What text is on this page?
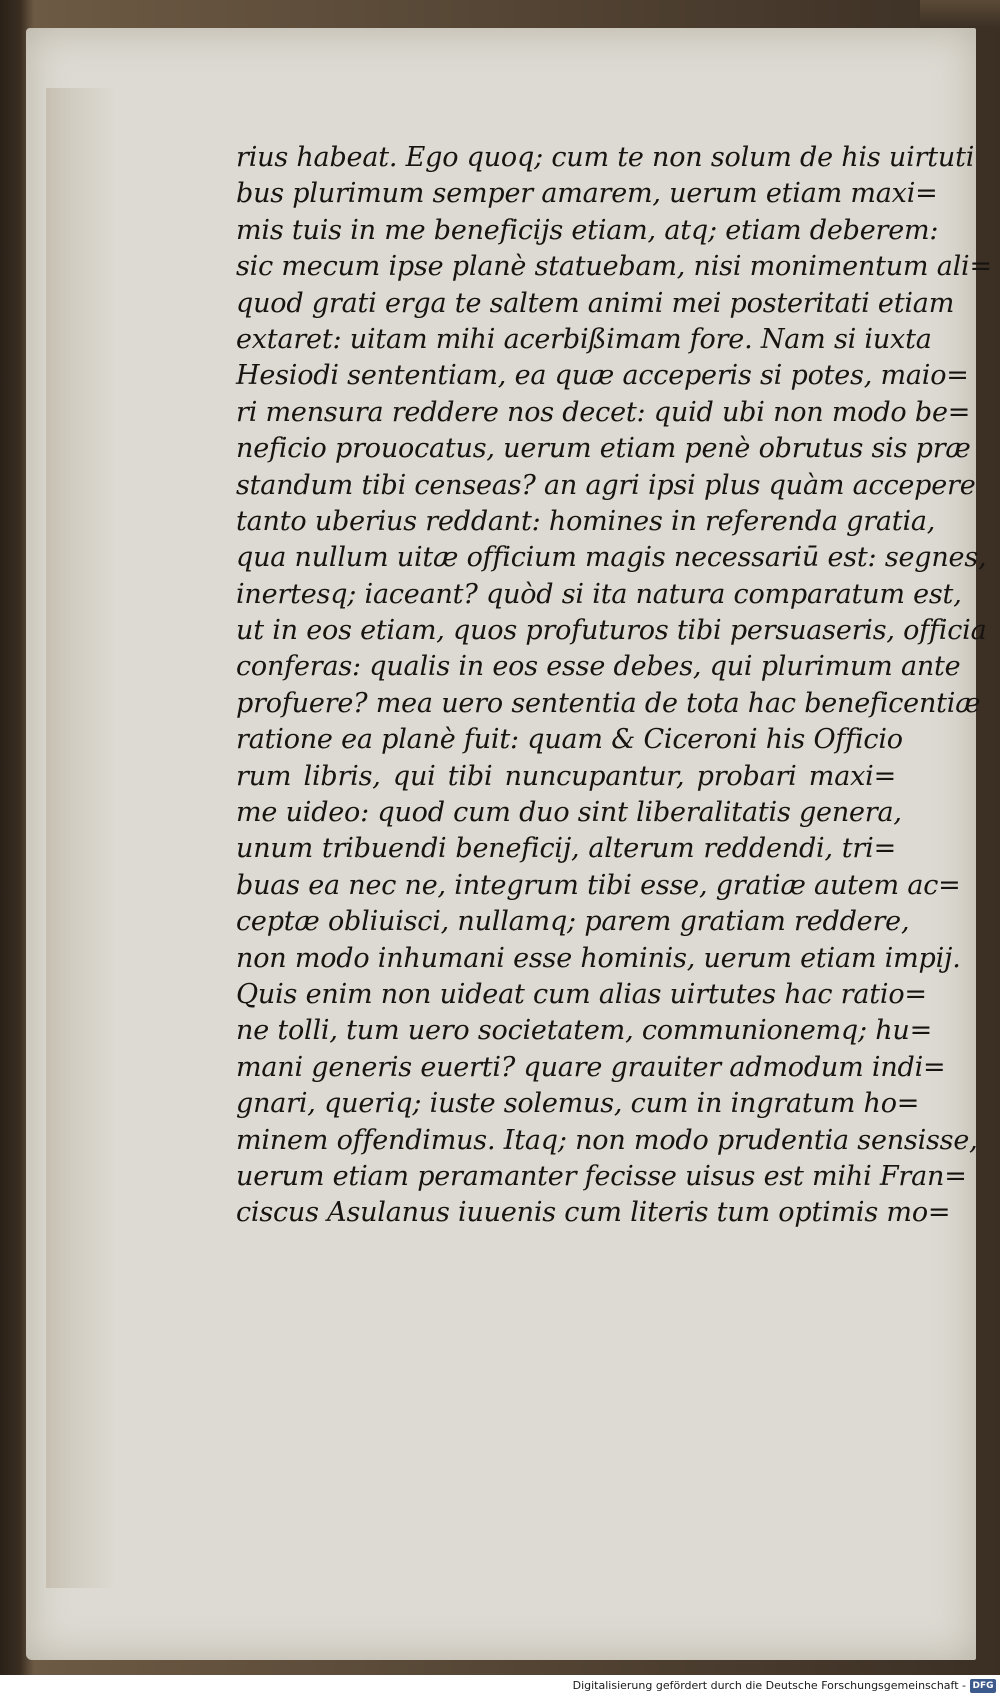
rius habeat. Ego quoq; cum te non solum de his uirtuti
bus plurimum semper amarem, uerum etiam maxi=
mis tuis in me beneficijs etiam, atq; etiam deberem:
sic mecum ipse planè statuebam, nisi monimentum ali=
quod grati erga te saltem animi mei posteritati etiam
extaret: uitam mihi acerbißimam fore. Nam si iuxta
Hesiodi sententiam, ea quæ acceperis si potes, maio=
ri mensura reddere nos decet: quid ubi non modo be=
neficio prouocatus, uerum etiam penè obrutus sis præ
standum tibi censeas? an agri ipsi plus quàm accepere
tanto uberius reddant: homines in referenda gratia,
qua nullum uitæ officium magis necessariū est: segnes,
inertesq; iaceant? quòd si ita natura comparatum est,
ut in eos etiam, quos profuturos tibi persuaseris, officia
conferas: qualis in eos esse debes, qui plurimum ante
profuere? mea uero sententia de tota hac beneficentiæ
ratione ea planè fuit: quam & Ciceroni his Officio
rum libris, qui tibi nuncupantur, probari maxi=
me uideo: quod cum duo sint liberalitatis genera,
unum tribuendi beneficij, alterum reddendi, tri=
buas ea nec ne, integrum tibi esse, gratiæ autem ac=
ceptæ obliuisci, nullamq; parem gratiam reddere,
non modo inhumani esse hominis, uerum etiam impij.
Quis enim non uideat cum alias uirtutes hac ratio=
ne tolli, tum uero societatem, communionemq; hu=
mani generis euerti? quare grauiter admodum indi=
gnari, queriq; iuste solemus, cum in ingratum ho=
minem offendimus. Itaq; non modo prudentia sensisse,
uerum etiam peramanter fecisse uisus est mihi Fran=
ciscus Asulanus iuuenis cum literis tum optimis mo=
Digitalisierung gefördert durch die Deutsche Forschungsgemeinschaft - DFG
